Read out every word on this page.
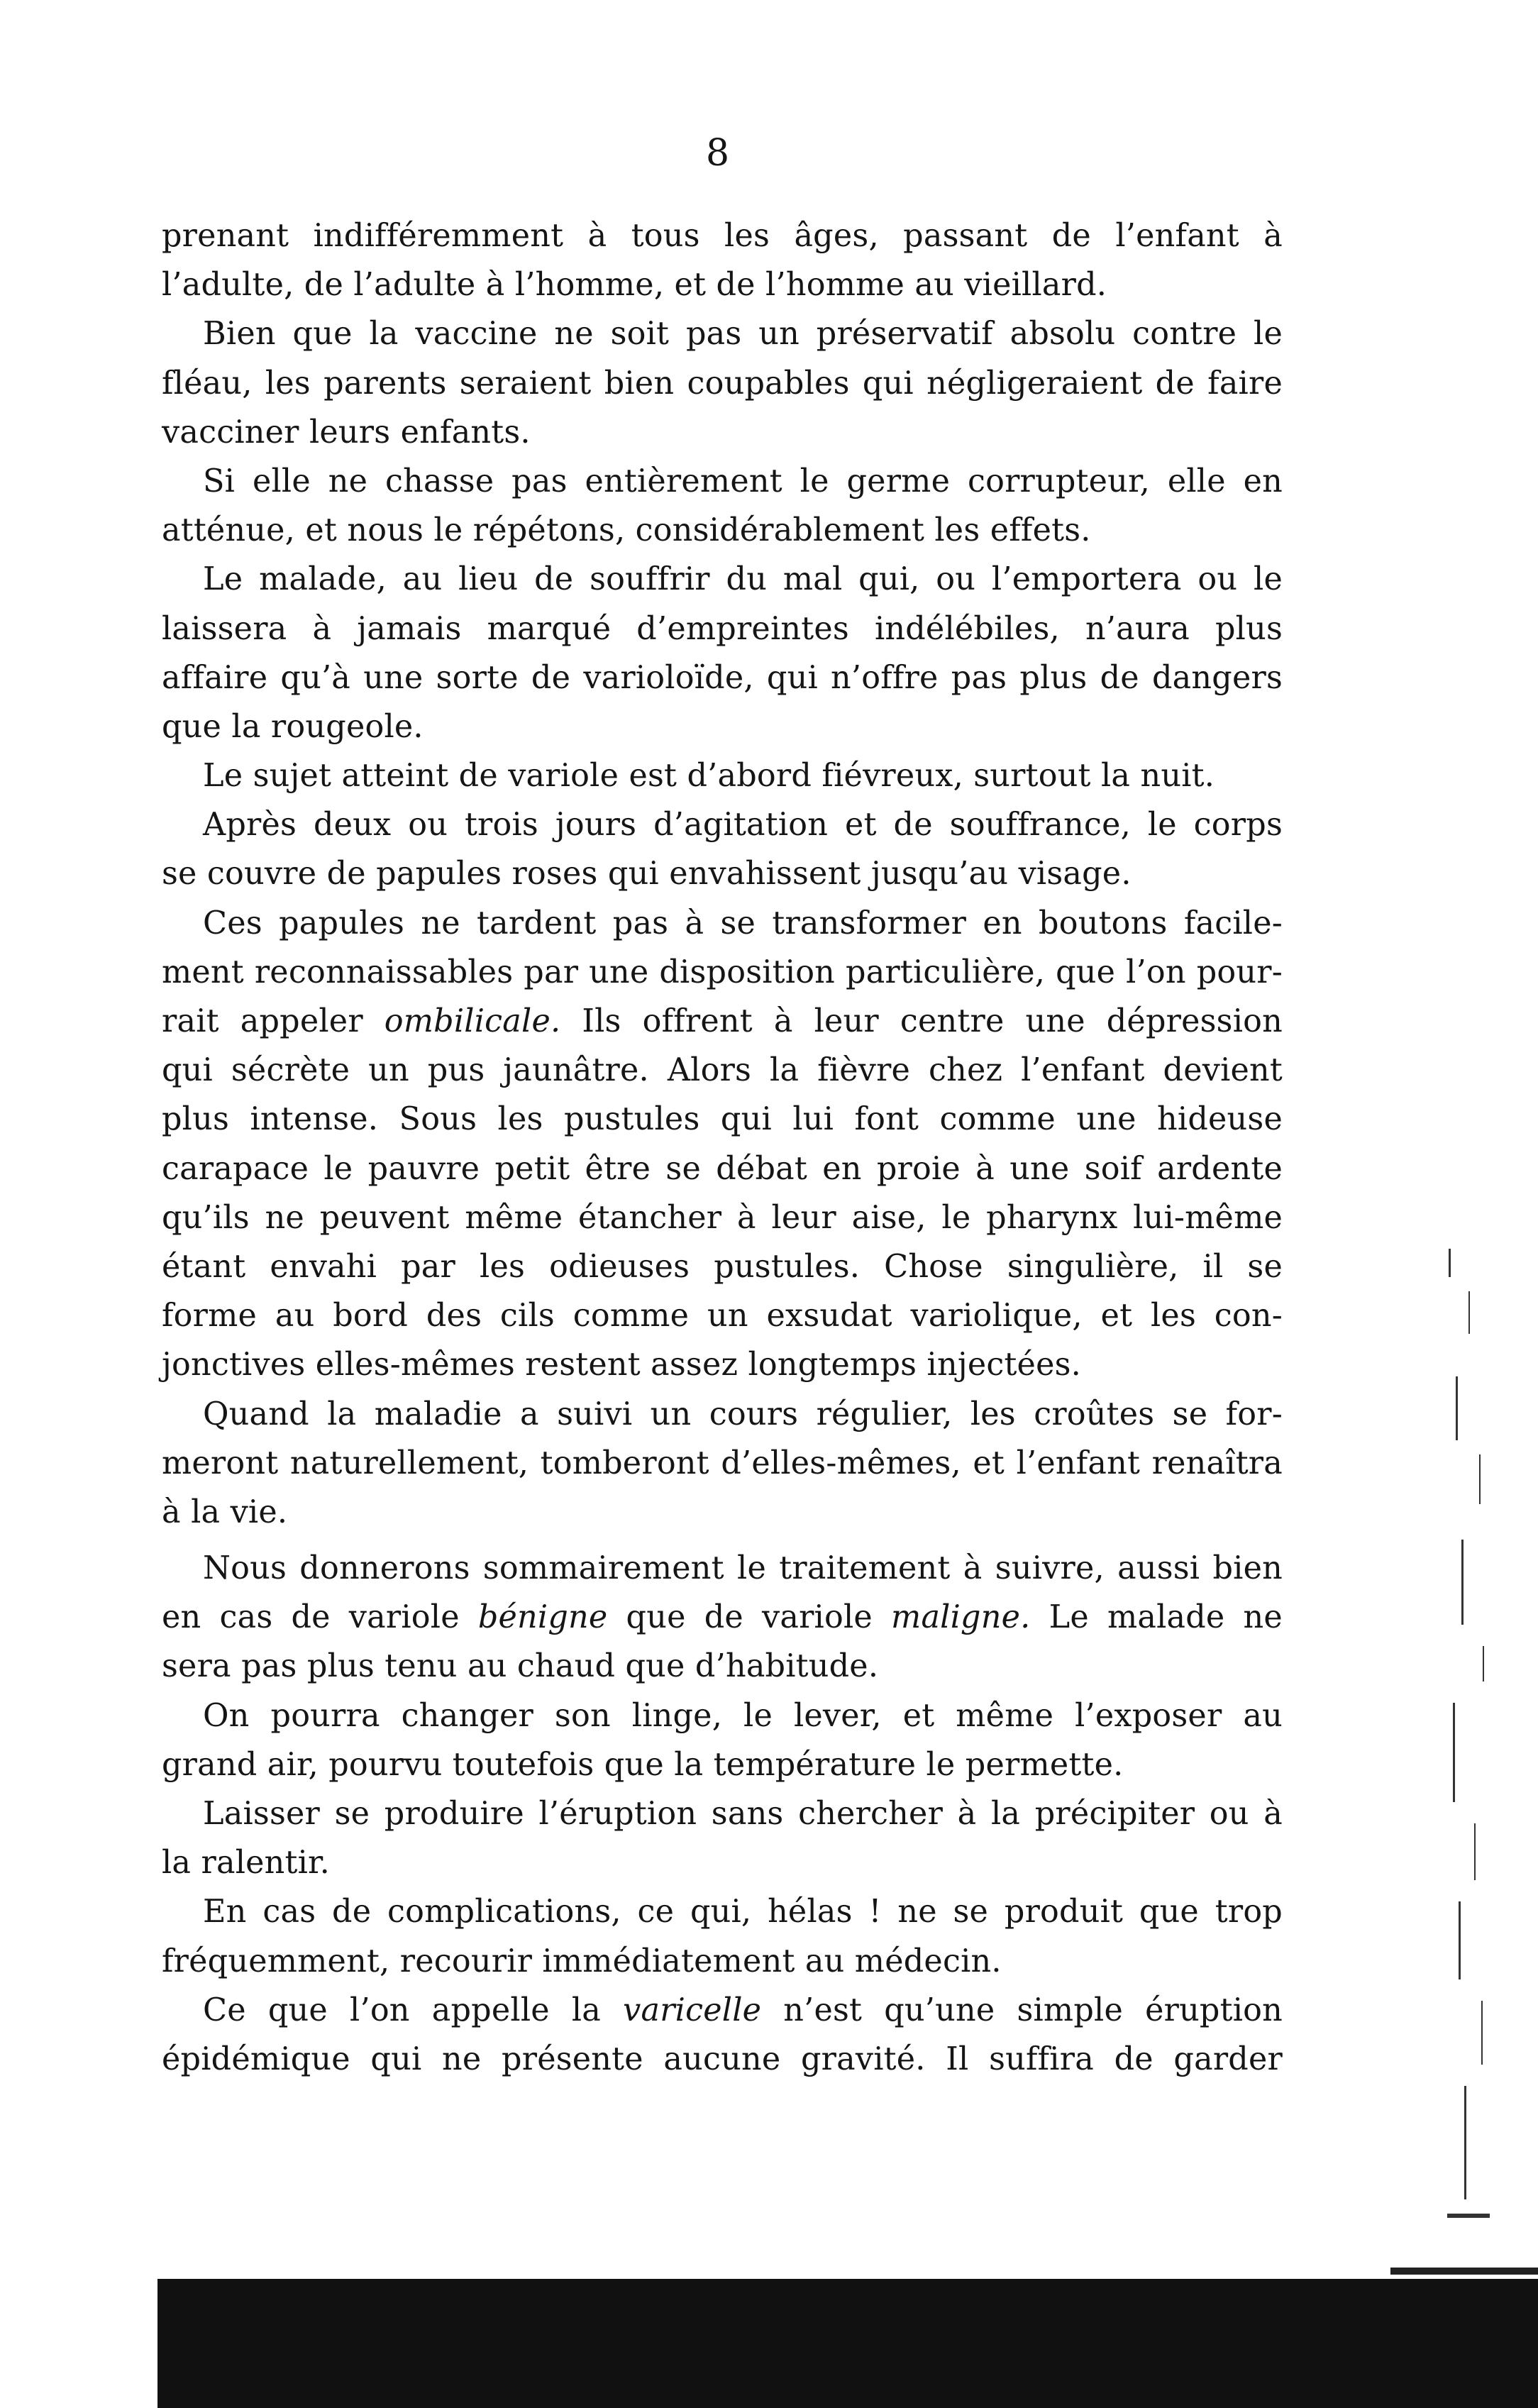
8
prenant indifféremment à tous les âges, passant de l’enfant à
l’adulte, de l’adulte à l’homme, et de l’homme au vieillard.
Bien que la vaccine ne soit pas un préservatif absolu contre le
fléau, les parents seraient bien coupables qui négligeraient de faire
vacciner leurs enfants.
Si elle ne chasse pas entièrement le germe corrupteur, elle en
atténue, et nous le répétons, considérablement les effets.
Le malade, au lieu de souffrir du mal qui, ou l’emportera ou le
laissera à jamais marqué d’empreintes indélébiles, n’aura plus
affaire qu’à une sorte de varioloïde, qui n’offre pas plus de dangers
que la rougeole.
Le sujet atteint de variole est d’abord fiévreux, surtout la nuit.
Après deux ou trois jours d’agitation et de souffrance, le corps
se couvre de papules roses qui envahissent jusqu’au visage.
Ces papules ne tardent pas à se transformer en boutons facile-
ment reconnaissables par une disposition particulière, que l’on pour-
rait appeler ombilicale. Ils offrent à leur centre une dépression
qui sécrète un pus jaunâtre. Alors la fièvre chez l’enfant devient
plus intense. Sous les pustules qui lui font comme une hideuse
carapace le pauvre petit être se débat en proie à une soif ardente
qu’ils ne peuvent même étancher à leur aise, le pharynx lui-même
étant envahi par les odieuses pustules. Chose singulière, il se
forme au bord des cils comme un exsudat variolique, et les con-
jonctives elles-mêmes restent assez longtemps injectées.
Quand la maladie a suivi un cours régulier, les croûtes se for-
meront naturellement, tomberont d’elles-mêmes, et l’enfant renaîtra
à la vie.
Nous donnerons sommairement le traitement à suivre, aussi bien
en cas de variole bénigne que de variole maligne. Le malade ne
sera pas plus tenu au chaud que d’habitude.
On pourra changer son linge, le lever, et même l’exposer au
grand air, pourvu toutefois que la température le permette.
Laisser se produire l’éruption sans chercher à la précipiter ou à
la ralentir.
En cas de complications, ce qui, hélas ! ne se produit que trop
fréquemment, recourir immédiatement au médecin.
Ce que l’on appelle la varicelle n’est qu’une simple éruption
épidémique qui ne présente aucune gravité. Il suffira de garder
